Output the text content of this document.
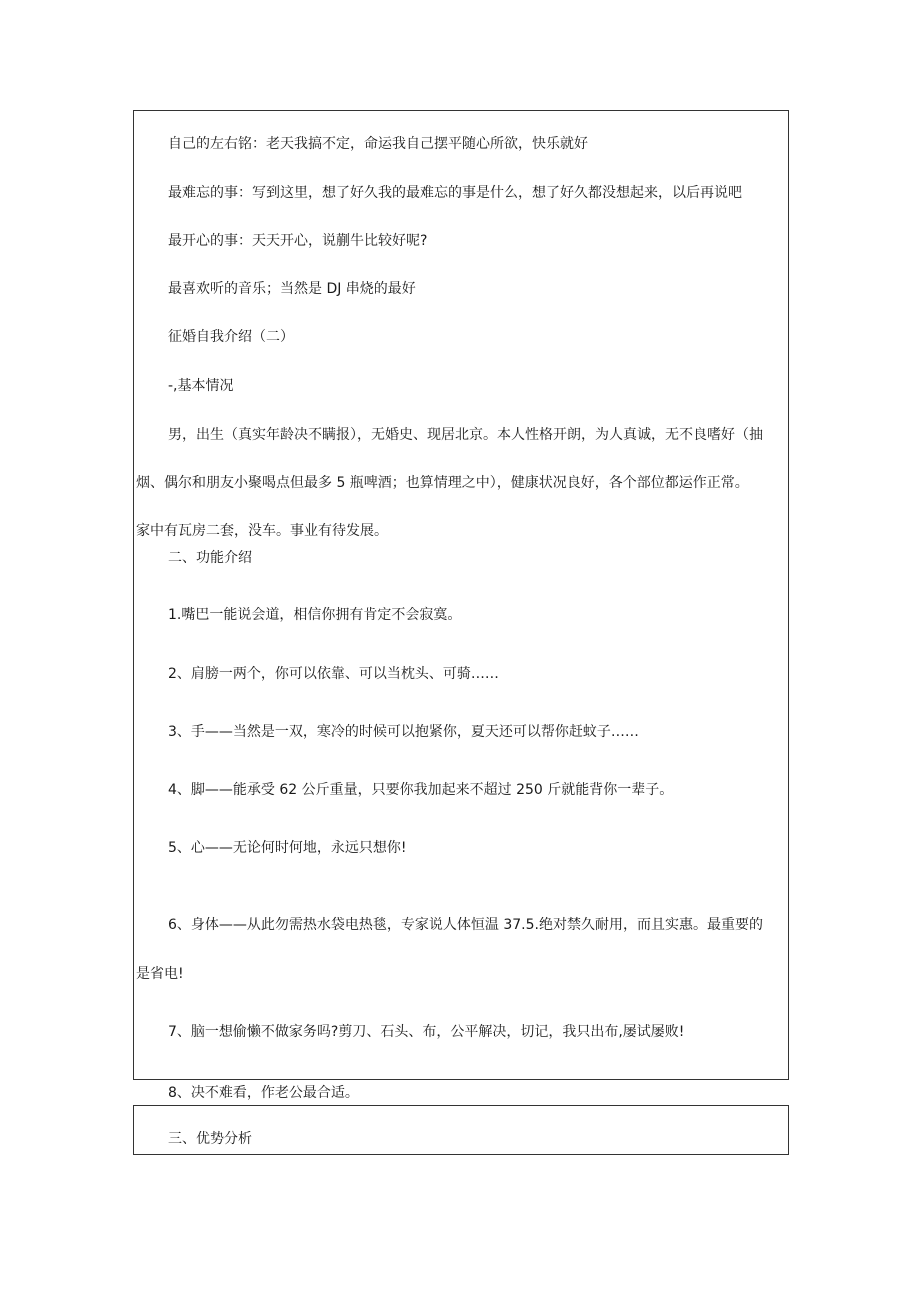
自己的左右铭：老天我搞不定，命运我自己摆平随心所欲，快乐就好

最难忘的事：写到这里，想了好久我的最难忘的事是什么，想了好久都没想起来，以后再说吧

最开心的事：天天开心，说蒯牛比较好呢?

最喜欢听的音乐；当然是 DJ 串烧的最好

征婚自我介绍（二）

-,基本情况

男，出生（真实年龄决不瞒报），无婚史、现居北京。本人性格开朗，为人真诚，无不良嗜好（抽

烟、偶尔和朋友小聚喝点但最多 5 瓶啤酒；也算情理之中），健康状况良好，各个部位都运作正常。

家中有瓦房二套，没车。事业有待发展。

二、功能介绍

1.嘴巴一能说会道，相信你拥有肯定不会寂寞。

2、肩膀一两个，你可以依靠、可以当枕头、可骑……

3、手——当然是一双，寒冷的时候可以抱紧你，夏天还可以帮你赶蚊子……

4、脚——能承受 62 公斤重量，只要你我加起来不超过 250 斤就能背你一辈子。

5、心——无论何时何地，永远只想你!

6、身体——从此勿需热水袋电热毯，专家说人体恒温 37.5.绝对禁久耐用，而且实惠。最重要的

是省电!

7、脑一想偷懒不做家务吗?剪刀、石头、布，公平解决，切记，我只出布,屡试屡败!

8、决不难看，作老公最合适。

三、优势分析
